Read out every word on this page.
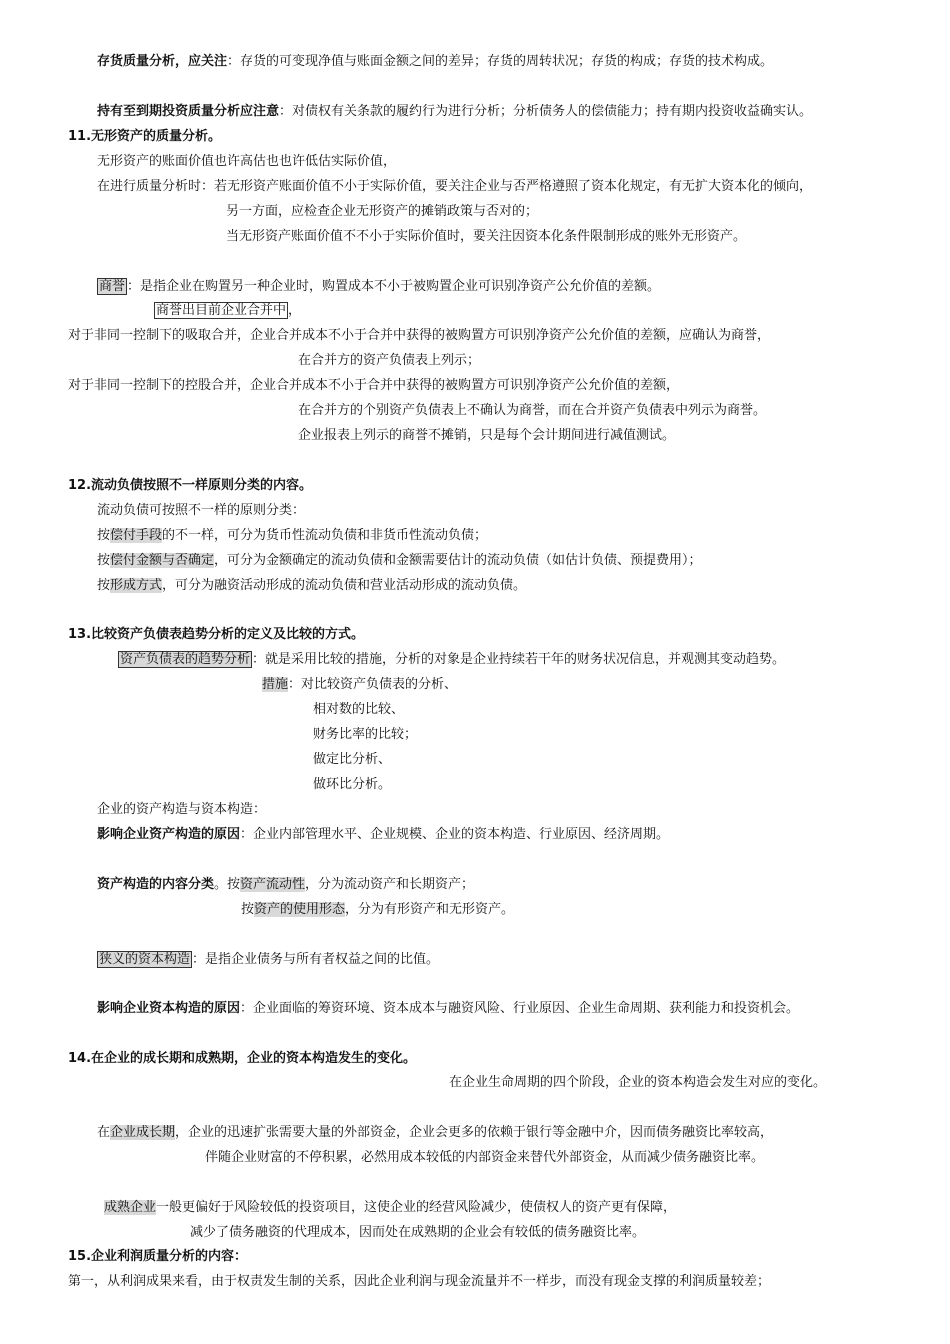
存货质量分析，应关注：存货的可变现净值与账面金额之间的差异；存货的周转状况；存货的构成；存货的技术构成。
持有至到期投资质量分析应注意：对债权有关条款的履约行为进行分析；分析债务人的偿债能力；持有期内投资收益确实认。
11.无形资产的质量分析。
无形资产的账面价值也许高估也也许低估实际价值，
在进行质量分析时：若无形资产账面价值不小于实际价值，要关注企业与否严格遵照了资本化规定，有无扩大资本化的倾向，
另一方面，应检查企业无形资产的摊销政策与否对的；
当无形资产账面价值不不小于实际价值时，要关注因资本化条件限制形成的账外无形资产。
商誉 ：是指企业在购置另一种企业时，购置成本不小于被购置企业可识别净资产公允价值的差额。
商誉出目前企业合并中 ，
对于非同一控制下的吸取合并，企业合并成本不小于合并中获得的被购置方可识别净资产公允价值的差额，应确认为商誉，
在合并方的资产负债表上列示；
对于非同一控制下的控股合并，企业合并成本不小于合并中获得的被购置方可识别净资产公允价值的差额，
在合并方的个别资产负债表上不确认为商誉，而在合并资产负债表中列示为商誉。
企业报表上列示的商誉不摊销，只是每个会计期间进行减值测试。
12.流动负债按照不一样原则分类的内容。
流动负债可按照不一样的原则分类：
按偿付手段的不一样，可分为货币性流动负债和非货币性流动负债；
按偿付金额与否确定，可分为金额确定的流动负债和金额需要估计的流动负债（如估计负债、预提费用）；
按形成方式，可分为融资活动形成的流动负债和营业活动形成的流动负债。
13.比较资产负债表趋势分析的定义及比较的方式。
资产负债表的趋势分析 ：就是采用比较的措施，分析的对象是企业持续若干年的财务状况信息，并观测其变动趋势。
措施：对比较资产负债表的分析、
相对数的比较、
财务比率的比较；
做定比分析、
做环比分析。
企业的资产构造与资本构造：
影响企业资产构造的原因：企业内部管理水平、企业规模、企业的资本构造、行业原因、经济周期。
资产构造的内容分类。按资产流动性，分为流动资产和长期资产；
按资产的使用形态，分为有形资产和无形资产。
狭义的资本构造 ：是指企业债务与所有者权益之间的比值。
影响企业资本构造的原因：企业面临的筹资环境、资本成本与融资风险、行业原因、企业生命周期、获利能力和投资机会。
14.在企业的成长期和成熟期，企业的资本构造发生的变化。
在企业生命周期的四个阶段，企业的资本构造会发生对应的变化。
在企业成长期，企业的迅速扩张需要大量的外部资金，企业会更多的依赖于银行等金融中介，因而债务融资比率较高，
伴随企业财富的不停积累，必然用成本较低的内部资金来替代外部资金，从而减少债务融资比率。
成熟企业一般更偏好于风险较低的投资项目，这使企业的经营风险减少，使债权人的资产更有保障，
减少了债务融资的代理成本，因而处在成熟期的企业会有较低的债务融资比率。
15.企业利润质量分析的内容：
第一，从利润成果来看，由于权责发生制的关系，因此企业利润与现金流量并不一样步，而没有现金支撑的利润质量较差；
